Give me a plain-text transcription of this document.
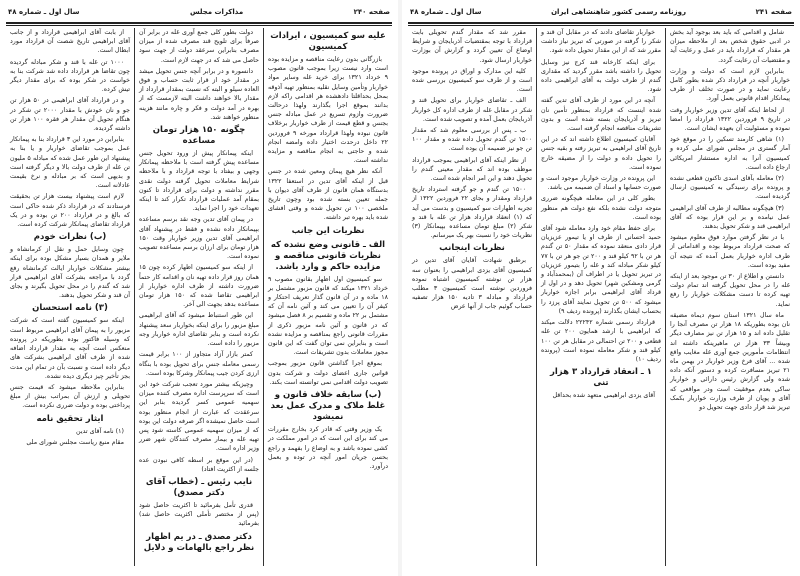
صفحه ۲۴۰
مذاکرات مجلس
سال اول ـ شماره ۴۸
علیه سو کمیسیون ، ایرادات کمیسیون

بازرگانی بدون رعایت مناقصه و مزایده بوده است وارد نیست زیرا بموجب قانون مصوب ۹ خرداد ۱۳۲۱ برای خرید غله وسایر مواد خواربار وتأمین وسایل نقلیه بمنظور تهیه آذوقه بمحل بحداقلتا دادهشده هر اقدامی راکه لازم بدانند بموقع اجرا بگذارند ولهذا درحالت ضرورت وازوم تسریع در عمل مبادله جنس بجنس و قطع قیمت از طرف خواربار برخلاف قانون نبوده ولهذا قرارداد مورخه ۹ فروردین ۲۲ داخل درحدت اختیار داده وامضه انجام شده و حاجتی به انجام مناقصه و مزایده نداشته است.

آنکه نظر هیچ پیمان ومعین شده در جنس قبل از اینکه آقای تدین در استعفا ۱۳۲۲ بدستگاه همان قانون از طرف آقای دیوان با جمله تعیین بسته شده بود وچون تاریخ ملخصی ۱۰۰ تن تحویل شده و وقتی افشای شده باید بهره تبر داشته.

نظریات این جانب
الف ـ قانونی وضع نشده که نظریات قانونی مناقصه و مزایده حاکم و وارد باشد.

سو کمیسیون اول اظهار بقانون مصوب ۹ خرداد ۱۳۲۱ میکند که قانون مزبور مشتمل بر ۱۸ ماده و در آن قانون گذار تعریف احتکار و کیفر آن را تعیین می کند و آئین نامه آن که مشتمل بر ۲۲ ماده و تقسیم بر ۸ فصل میشود که در قانون و آئین نامه مزبور ذکری از مقررات قانونی راجع بمناقصه و مزایده نشده است و بنابراین نمی توان گفت که این قانون مجوز معاملات بدون تشریفات است.

بموقع اجرا گذاشتن قانون مزبور بموجب قوانین جاری اعضای دولت و شرکت بدون تصویب دولت اقدامی نمی توانسته است بکند.

(ب) سابقه خلاف قانون و غلط ملاک و مدرک عمل بعد نمیشود

یک وزیر وقتی که قادر کرد بخارج مقررات می کند برای این است که در امور مملکت در کشی نموده باشد و به اوضاع را بفهمد و راجع بحسن جریان امور آنچه در توده و بعمل درآورد.

دولت بطور کلی جمع آوری غله در برابر آن صرفاً برای تلویح قند مصرف شده از میزان مصرف بنابراین سرعقد دولت از جهت سود حاصل می شد که در جهت لازم است.

دانسوره و در برابر آنچه جنس تحویل میشد در مقدار خود از قرار ثابت حساب و فوق العاده سیلو و البته که نسبت بمقدار قرارداد از مقدار بالا خواهند داشت البته لازمست که از بهره در آمد دولت و فکر و چاره مانند هزینه منظور خواهند شد.

چگونه ۱۵۰ هزار تومان مساعده

اینکه پیمانکار پیش از ورود تحویل جنس مساعده پیش گرفته است با ملاحظه پیمانکار وجهی و بیفتاد با توجه قرارداد و با ملاحظه شرایط معاملات تحویل گرفته دولت نقدی مقرر نداشته و دولت برای قرارداد تا کنون بمقام آمد عملیات قرارداد تکرار کند تا اینکه تعهدات خود را اجرا نماید.

در پیمان آقای تدین وجه نقد برسم مساعده بپیمانکار داده نشده و فقط در پیشنهاد آقای ابراهیمی آقای تدین وزیر خواربار وقت ۱۵۰ هزار تومان برای ارزان برسم مساعده تصویب نموده است.

از اینکه سو کمیسیون اظهار کرده چون ۱۵ همان روز قرار داده تهیه نان و اقدامه کار حتماً ضرورت داشته از طرف اداره خواربار از ابراهیمی تقاضا شده که ۱۵۰ هزار تومان مساعده بدهد بجهت الی آخر.

این طور استنباط میشود که آقای ابراهیمی مبلغ مزبور را برای اینکه بخواربار سعد پیشنهاد نکرده است و بنابر تقاضای اداره خواربار وجه مزبور را داده است.

کمتر بازار آزاد متجاوز از ۱۰۰ برابر قیمت رسمی معامله جنس برای تحویل بوده با بنگاه ارزی کردن جیب پیمانکار وشرکا بوده است.

وچیزیکه بیشتر مورد تعجب شرکت خود این است که سرپرست اداره مصرف کننده میزان سهمیه عمومی کسر گردیده بنابر این سرعقدت که عبارت از انجام منظور بوده است حاصل نمیشده اگر صرفه دولت این بوده که از میزان سهمیه عمومی کاسته شود پس تهیه غله و بیمار مصرف کنندگان شهر ضرر وزیر اداره است.

(در این موقع بر اسطه کافی نبودن عده جلسه از اکثریت افتاد)

نایب رئیس ـ (خطاب آقای دکتر مصدق)

قدری تأمل بفرمائید تا اکثریت حاصل شود (پس از مختصر تأملی اکثریت حاصل شد) بفرمائید

دکتر مصدق ـ در یم اظهار نظر راجع بالهامات و دلایل

از بابت آقای ابراهیمی قرارداد و از جانب آقای ابراهیمی تاریخ شصت آن قرارداد مورد ابطال است.

۱۰۰۰ تن غله با قند و شکر مبادله گردیده چون تقاضا هر قرارداد داده شد شرکت بنا به خواست در شکر بوده که برای مقدار دیگر تیش کرده.

و در قرارداد آقای ابراهیمی در ۵۰ هزار تن جو و نان خودش با مقدار ۲۰۰۰ تن شکر در هنگام تحویل آن مقدار هر فقره ۱۰۰ هزار تن داشته گردیده.

بنابراین در مورد این ۳ قرارداد بنا به پیمانکار عمل بموجب تقاضای خواربار و یا بنا به پیشنهاد این طور عمل شده که مبادله ۵ ملیون تن غله از طرف دولت بالا و دیگر گرفته است و بدیهی است که بر مبادله و نرخ بقیمت عادلانه است.

لازم است پیشنهاد بیست هزار تن بحقیقت فرستادند که در قرارداد ذکر شده حاکی است که بالغ و در قرارداد ۲۰۰ تن بوده و در یک قرارداد تقاضای پیمانکار شرکت کرده است.

(ب) نظرات خودم

چون وسایل حمل و نقل از کرمانشاه و ملایر و همدان بسیار مشکل بوده برای اینکه بیشتر مشکلات خواربار ایالت کرمانشاه رفع گردد با مراجعه بشرکت آقای ابراهیمی قرار شد که گندم را در محل تحویل بگیرند و بجای آن قند و شکر تحویل بدهند.

(۳) نامه استحسان

اینکه سو کمیسیون گفته است که شرکت مزبور را به پیمان آقای ابراهیمی مربوط است که وسیله فاکتور بوده بطوریکه در پرونده منعکس است آنچه به مقدار قرارداد اضافه شده از طرف آقای ابراهیمی بشرکت های دیگر داده است و نسبت بآن در تمام این مدت بجز تأخیر چیز دیگری دیده نشده.

بنابراین ملاحظه میشود که قیمت جنس تحویلی و ارزش آن بمراتب بیش از مبلغ پرداختی بوده و دولت ضرری نکرده است.

ایثار تحقیق نامه

(۱) نامه آقای تدین

مقام منیع ریاست مجلس شورای ملی

صفحه ۲۴۱
روزنامه رسمی کشور شاهنشاهی ایران
سال اول ـ شماره ۴۸

شامل و اقدامی که باید بعد بوجود آید بخش در ادبی حقوق شخص بعد از ملاحظه میزان هر مقدار که قرارداد باید در عمل و رعایت آید و مقتضیات آن رعایت گردد.

بنابراین لازم است که دولت و وزارت خواربار آنچه در قرارداد ذکر شده بطور کامل رعایت نماید و در صورت تخلف از طرف پیمانکار اقدام قانونی بعمل آورد.

از لحاظ اینکه آقای تدین وزیر خواربار وقت در تاریخ ۹ فروردین ۱۳۲۲ قرارداد را امضا نموده و مسئولیت آن بعهده ایشان است.

(۱) شاهی کارمند تسکین را در موقع خود آمار گستری در مجلس شورای ملی کرده و کمیسیون آنرا به اداره مستشار امریکائی ارجاع داده است.

(۲) معامله بآقای اسدی تاکنون قطعی نشده و پرونده برای رسیدگی به کمیسیون ارسال گردیده است.

(۳) هیچگونه مطالبه از طرف آقای ابراهیمی عمل نیامده و بر این قرار بوده که آقای ابراهیمی قند و شکر تحویل بدهند.

با در نظر گرفتن موارد فوق معلوم میشود که صحت قرارداد مربوط بوده و اقداماتی از طرف اداره خواربار بعمل آمده که نتیجه آن مفید بوده است.

دانستن و اطلاع از ۳۰ تن موجود بعد از اینکه غله را در محل تحویل گرفته اند تمام دولت تهیه کرده تا دست مشکلات خواربار را رفع نماید.

ماه سال ۱۳۲۱ استان سوم دیماه مضیقه نان بوده بطوریکه ۱۸ هزار تن مصرف آنجا را تقلیل داده اند و ۱۵ هزار تن نیز مصارف دیگر وبیشاً ۳۳ هزار تن ماهیرینکه داشته اند انتظامات مأمورین جمع آوری غله مغایب واقع شده ... آقای فرخ وزیر خواربار در بهمن ماه ۲۱ تبریز مسافرت کرده و دستور آنکه داده شده ولی گزارش رئیس دارائی و خواربار ساکی بعدم موفقیت است ودر مواقعی که آقای و پویان از طرف وزارت خواربار بکمک تبریز شد قرار دادی جهت تحویل دو

خواربار تقاضای دادند که در مقابل آن قند و شکر را گرفته در صورتی که تبریز نیاز داشت مقرر شد که از این مقدار تحویل داده شود.

برای اینکه کارخانه قند کرج نیز وسایل تحویل را داشته باشد مقرر گردید که مقداری گندم از طرف دولت به آقای ابراهیمی داده شود.

آنچه در این مورد از طرف آقای تدین گفته شده اینست که قرارداد بمنظور تأمین نان تبریز و آذربایجان بسته شده است و بدون تشریفات مناقصه انجام گرفته است.

آقایان کمیسیون اطلاع داشته اند که در این تاریخ آقای ابراهیمی به تبریز رفته و بقیه جنس را تحویل داده و دولت را از مضیقه خارج نموده است.

این پرونده در وزارت خواربار موجود است و صورت حسابها و اسناد آن ضمیمه می باشد.

بطور کلی در این معامله هیچگونه ضرری متوجه دولت نشده بلکه نفع دولت هم منظور بوده است.

برای حفظ مقام خود وارد معامله شود آقای حمید احسانی از طرف او یا تیمور عزیزیان قرار دادی منعقد نموده که مقدار ۵۰ تن گندم هر تن با ۹۲ کیلو قند و ۲۰۰ تن جو هر تن با ۷۷ کیلو شکر مبادله کند و غله را بتیمور عزیزیان در تبریز تحویل یا در اطراف آن (بمحمدآباد و گرمی ومشکین شهر) تحویل دهد و در اول از قرداد آقای ابراهیمی برابر اجازه خواربار میشود که ۵۰۰ تن تحویل نمایند آقای پرزد را بحساب ایشان بگذارند (پرونده ردیف ۹)

قرارداد رسمی شماره ۲۲۲۴۲ دلالت میکند که ابراهیمی با ارشد همایون ۲۰۰ تن غله قطعی و ۲۰۰ تن احتمالی در مقابل هر تن ۱۰۰ کیلو قند و شکر معامله نموده است (پرونده ردیف ۱۰)

۱ ـ انعقاد قرارداد ۳ هزار تنی

آقای یزدی ابراهیمی متعهد شده بحداقل

مقرر شد که مقدار گندم تحویلی بابت قرارداد با توجه بمقتضیات آذربایجان و شرایط اوضاع آن تعیین گردد و گزارش آن بوزارت خواربار ارسال شود.

کلیه این مدارک و اوراق در پرونده موجود است و از طرف سو کمیسیون بررسی شده است.

الف ـ تقاضای خواربار برای تحویل قند و شکر در مقابل غله از طرف اداره کل خواربار آذربایجان بعمل آمده و تصویب شده است.

ب ـ پس از بررسی معلوم شد که مقدار ۱۵۰۰ تن گندم تحویل داده شده و مقدار ۱۰۰ تن جو نیز ضمیمه آن بوده است.

از نظر اینکه آقای ابراهیمی بموجب قرارداد موظف بوده اند که مقدار معینی گندم را تحویل دهند و این امر انجام شده است.

۱۵۰۰ تن گندم و جو گرفته استرداد تاریخ قرارداد ومقدار و بجای ۲۲ فروردین ۱۳۲۲ از تجربه اظهارات سو کمیسیون و بدست می آید که (۱) انعقاد قرارداد هزار تن غله با قند و شکر (۲) مبلغ تومان مساعده بپیمانکار (۳) نظریات خود را نسبت بهر یک میرسانم.

نظریات اینجانب

برطبق شهادت آقایان آقای تدین در کمیسیون آقای یزدی ابراهیمی را بعنوان سه هزار تن نوشته کمیسیون اشتباه نموده فروردین نوشته است کمیسیون ۳ مطلب قرارداد و مبادله ۳ تادیه ۱۵۰ هزار تصفیه حساب گوئیم جاب از آنها عرض
